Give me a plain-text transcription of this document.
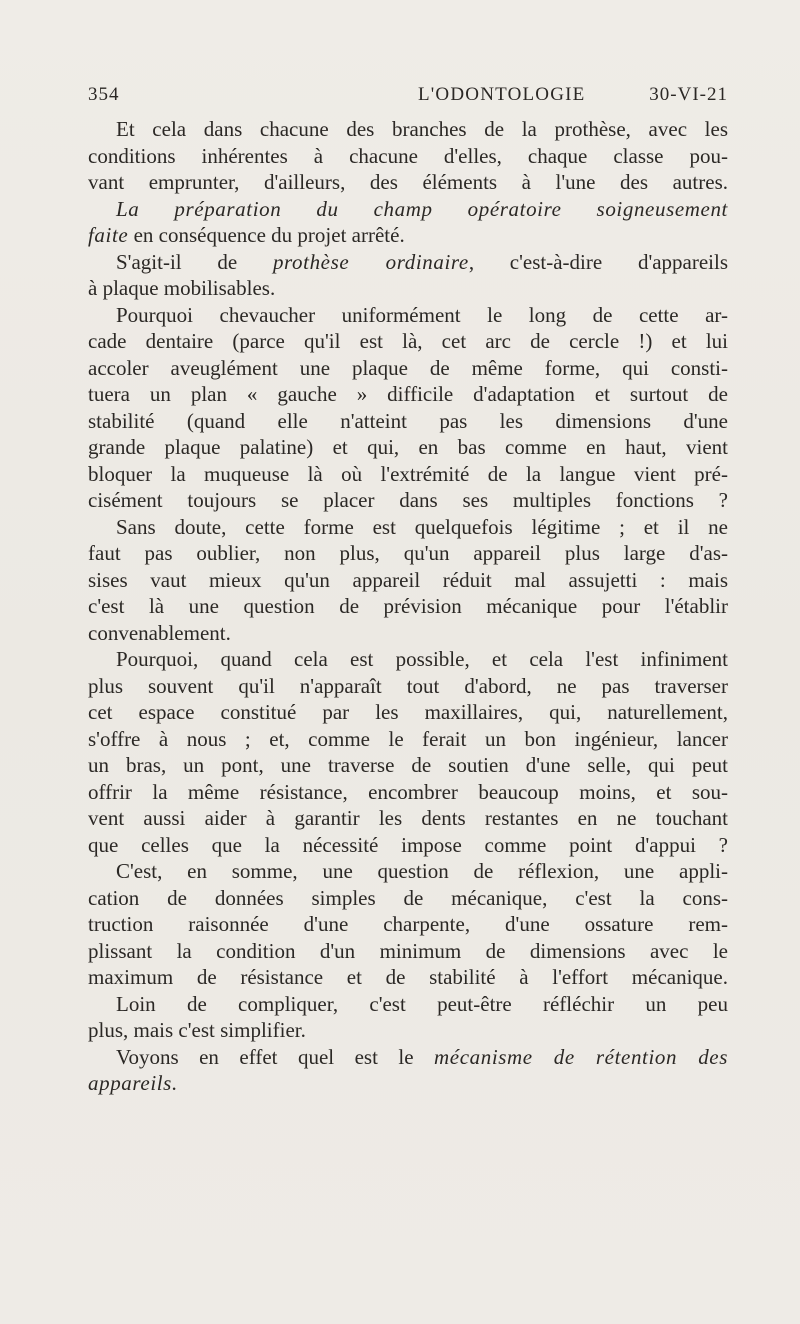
354	L'ODONTOLOGIE	30-VI-21
Et cela dans chacune des branches de la prothèse, avec les
conditions inhérentes à chacune d'elles, chaque classe pou-
vant emprunter, d'ailleurs, des éléments à l'une des autres.
La préparation du champ opératoire soigneusement
faite en conséquence du projet arrêté.
S'agit-il de prothèse ordinaire, c'est-à-dire d'appareils
à plaque mobilisables.
Pourquoi chevaucher uniformément le long de cette ar-
cade dentaire (parce qu'il est là, cet arc de cercle !) et lui
accoler aveuglément une plaque de même forme, qui consti-
tuera un plan « gauche » difficile d'adaptation et surtout de
stabilité (quand elle n'atteint pas les dimensions d'une
grande plaque palatine) et qui, en bas comme en haut, vient
bloquer la muqueuse là où l'extrémité de la langue vient pré-
cisément toujours se placer dans ses multiples fonctions ?
Sans doute, cette forme est quelquefois légitime ; et il ne
faut pas oublier, non plus, qu'un appareil plus large d'as-
sises vaut mieux qu'un appareil réduit mal assujetti : mais
c'est là une question de prévision mécanique pour l'établir
convenablement.
Pourquoi, quand cela est possible, et cela l'est infiniment
plus souvent qu'il n'apparaît tout d'abord, ne pas traverser
cet espace constitué par les maxillaires, qui, naturellement,
s'offre à nous ; et, comme le ferait un bon ingénieur, lancer
un bras, un pont, une traverse de soutien d'une selle, qui peut
offrir la même résistance, encombrer beaucoup moins, et sou-
vent aussi aider à garantir les dents restantes en ne touchant
que celles que la nécessité impose comme point d'appui ?
C'est, en somme, une question de réflexion, une appli-
cation de données simples de mécanique, c'est la cons-
truction raisonnée d'une charpente, d'une ossature rem-
plissant la condition d'un minimum de dimensions avec le
maximum de résistance et de stabilité à l'effort mécanique.
Loin de compliquer, c'est peut-être réfléchir un peu
plus, mais c'est simplifier.
Voyons en effet quel est le mécanisme de rétention des
appareils.
